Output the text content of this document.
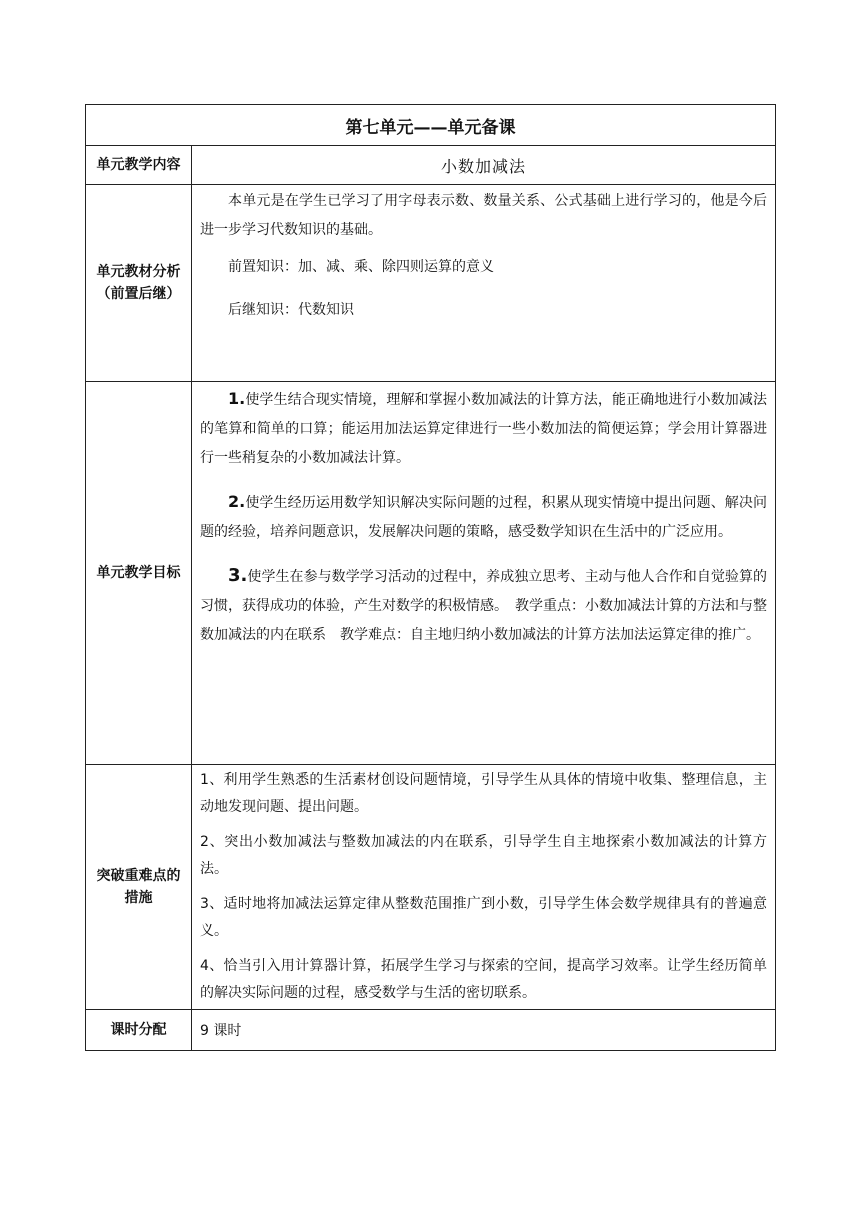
第七单元——单元备课	
单元教学内容	小数加减法
单元教材分析（前置后继）	本单元是在学生已学习了用字母表示数、数量关系、公式基础上进行学习的，他是今后进一步学习代数知识的基础。

前置知识：加、减、乘、除四则运算的意义

后继知识：代数知识

单元教学目标	1.使学生结合现实情境，理解和掌握小数加减法的计算方法，能正确地进行小数加减法的笔算和简单的口算；能运用加法运算定律进行一些小数加法的简便运算；学会用计算器进行一些稍复杂的小数加减法计算。

2.使学生经历运用数学知识解决实际问题的过程，积累从现实情境中提出问题、解决问题的经验，培养问题意识，发展解决问题的策略，感受数学知识在生活中的广泛应用。

3.使学生在参与数学学习活动的过程中，养成独立思考、主动与他人合作和自觉验算的习惯，获得成功的体验，产生对数学的积极情感。　教学重点：小数加减法计算的方法和与整数加减法的内在联系　教学难点：自主地归纳小数加减法的计算方法加法运算定律的推广。

突破重难点的措施	1、利用学生熟悉的生活素材创设问题情境，引导学生从具体的情境中收集、整理信息，主动地发现问题、提出问题。

2、突出小数加减法与整数加减法的内在联系，引导学生自主地探索小数加减法的计算方法。

3、适时地将加减法运算定律从整数范围推广到小数，引导学生体会数学规律具有的普遍意义。

4、恰当引入用计算器计算，拓展学生学习与探索的空间，提高学习效率。让学生经历简单的解决实际问题的过程，感受数学与生活的密切联系。

课时分配	9 课时
